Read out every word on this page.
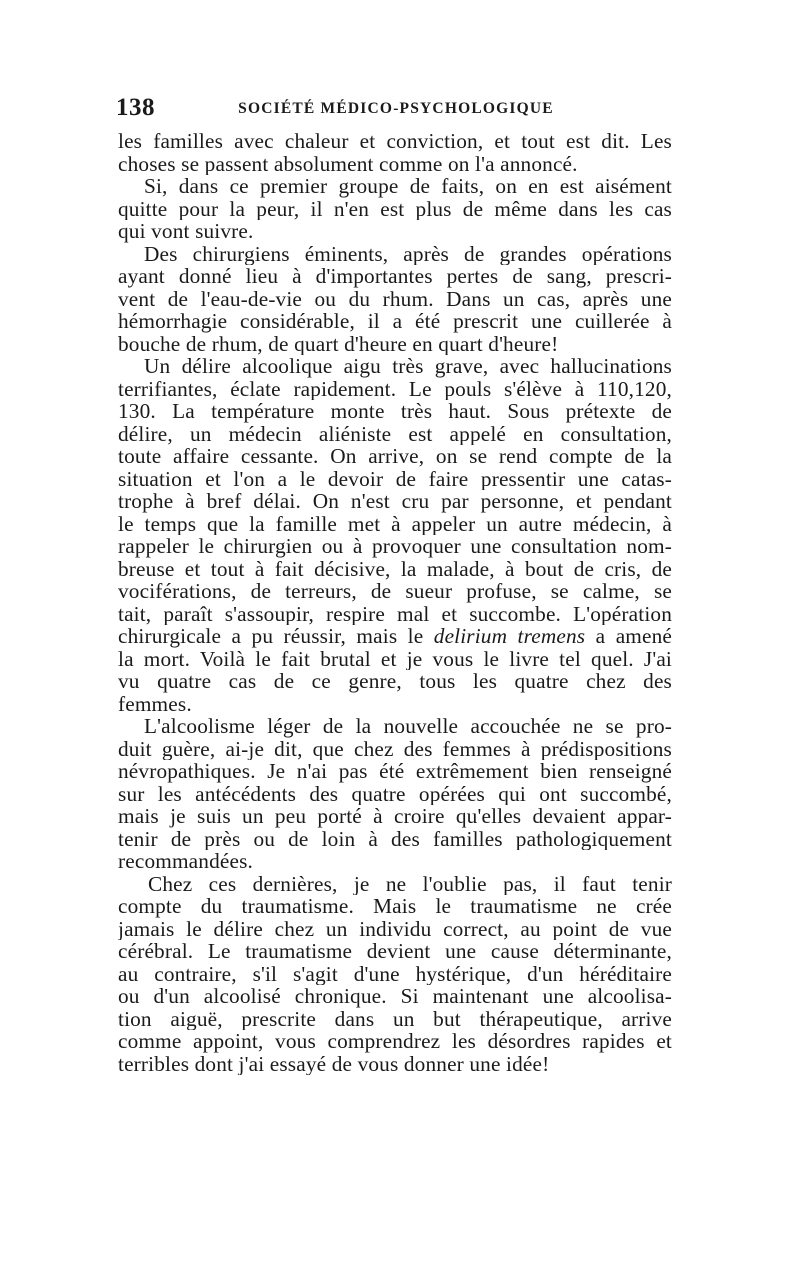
138	SOCIÉTÉ MÉDICO-PSYCHOLOGIQUE
les familles avec chaleur et conviction, et tout est dit. Les
choses se passent absolument comme on l'a annoncé.
Si, dans ce premier groupe de faits, on en est aisément
quitte pour la peur, il n'en est plus de même dans les cas
qui vont suivre.
Des chirurgiens éminents, après de grandes opérations
ayant donné lieu à d'importantes pertes de sang, prescri-
vent de l'eau-de-vie ou du rhum. Dans un cas, après une
hémorrhagie considérable, il a été prescrit une cuillerée à
bouche de rhum, de quart d'heure en quart d'heure!
Un délire alcoolique aigu très grave, avec hallucinations
terrifiantes, éclate rapidement. Le pouls s'élève à 110,120,
130. La température monte très haut. Sous prétexte de
délire, un médecin aliéniste est appelé en consultation,
toute affaire cessante. On arrive, on se rend compte de la
situation et l'on a le devoir de faire pressentir une catas-
trophe à bref délai. On n'est cru par personne, et pendant
le temps que la famille met à appeler un autre médecin, à
rappeler le chirurgien ou à provoquer une consultation nom-
breuse et tout à fait décisive, la malade, à bout de cris, de
vociférations, de terreurs, de sueur profuse, se calme, se
tait, paraît s'assoupir, respire mal et succombe. L'opération
chirurgicale a pu réussir, mais le delirium tremens a amené
la mort. Voilà le fait brutal et je vous le livre tel quel. J'ai
vu quatre cas de ce genre, tous les quatre chez des
femmes.
L'alcoolisme léger de la nouvelle accouchée ne se pro-
duit guère, ai-je dit, que chez des femmes à prédispositions
névropathiques. Je n'ai pas été extrêmement bien renseigné
sur les antécédents des quatre opérées qui ont succombé,
mais je suis un peu porté à croire qu'elles devaient appar-
tenir de près ou de loin à des familles pathologiquement
recommandées.
Chez ces dernières, je ne l'oublie pas, il faut tenir
compte du traumatisme. Mais le traumatisme ne crée
jamais le délire chez un individu correct, au point de vue
cérébral. Le traumatisme devient une cause déterminante,
au contraire, s'il s'agit d'une hystérique, d'un héréditaire
ou d'un alcoolisé chronique. Si maintenant une alcoolisa-
tion aiguë, prescrite dans un but thérapeutique, arrive
comme appoint, vous comprendrez les désordres rapides et
terribles dont j'ai essayé de vous donner une idée!
